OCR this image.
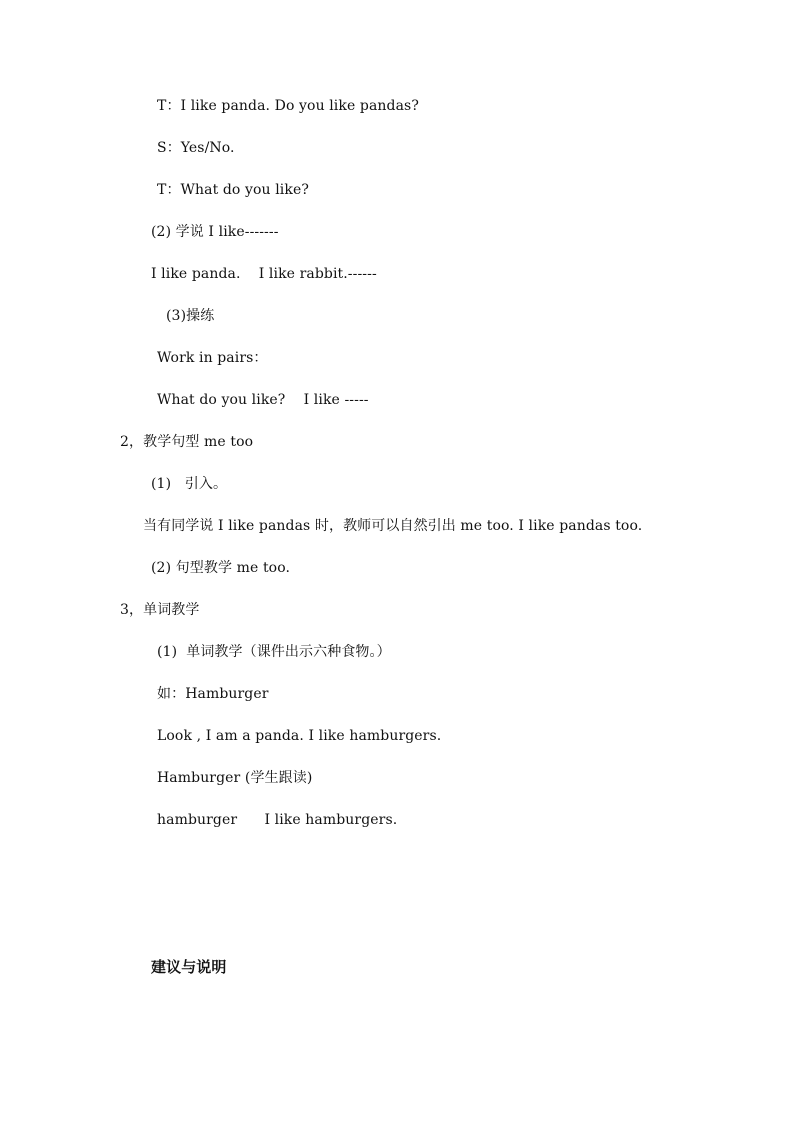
T：I like panda. Do you like pandas?
S：Yes/No.
T：What do you like?
(2) 学说 I like-------
I like panda.    I like rabbit.------
(3)操练
Work in pairs：
What do you like?    I like -----
2，教学句型 me too
(1)   引入。
当有同学说 I like pandas 时，教师可以自然引出 me too. I like pandas too.
(2) 句型教学 me too.
3，单词教学
(1)  单词教学（课件出示六种食物。）
如：Hamburger
Look , I am a panda. I like hamburgers.
Hamburger (学生跟读)
hamburger      I like hamburgers.
建议与说明
